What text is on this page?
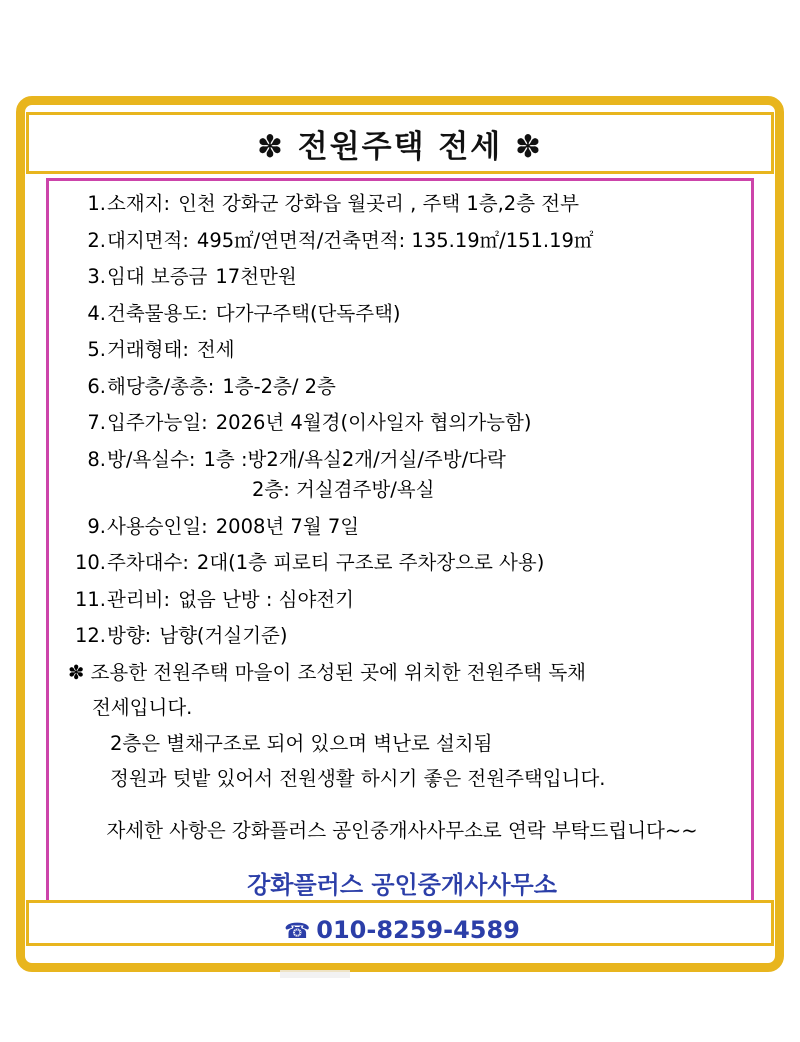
✽ 전원주택 전세 ✽
1. 소재지: 인천 강화군 강화읍 월곳리 , 주택 1층,2층 전부
2. 대지면적: 495㎡/연면적/건축면적: 135.19㎡/151.19㎡
3. 임대 보증금 17천만원
4. 건축물용도: 다가구주택(단독주택)
5. 거래형태: 전세
6. 해당층/총층: 1층-2층/ 2층
7. 입주가능일: 2026년 4월경(이사일자 협의가능함)
8. 방/욕실수: 1층 :방2개/욕실2개/거실/주방/다락
2층: 거실겸주방/욕실
9. 사용승인일: 2008년 7월 7일
10. 주차대수: 2대(1층 피로티 구조로 주차장으로 사용)
11. 관리비: 없음 난방 : 심야전기
12. 방향: 남향(거실기준)
✽ 조용한 전원주택 마을이 조성된 곳에 위치한 전원주택 독채
전세입니다.
2층은 별채구조로 되어 있으며 벽난로 설치됨
정원과 텃밭 있어서 전원생활 하시기 좋은 전원주택입니다.
자세한 사항은 강화플러스 공인중개사사무소로 연락 부탁드립니다~~
강화플러스 공인중개사사무소
☎ 010-8259-4589
